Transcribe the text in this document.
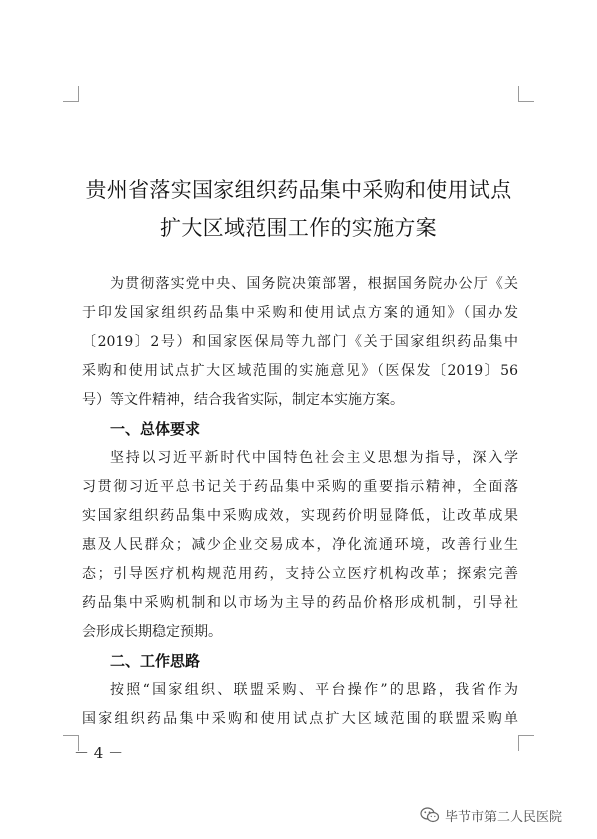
贵州省落实国家组织药品集中采购和使用试点
扩大区域范围工作的实施方案
为贯彻落实党中央、国务院决策部署，根据国务院办公厅《关
于印发国家组织药品集中采购和使用试点方案的通知》（国办发
〔2019〕2号）和国家医保局等九部门《关于国家组织药品集中
采购和使用试点扩大区域范围的实施意见》（医保发〔2019〕56
号）等文件精神，结合我省实际，制定本实施方案。
一、总体要求
坚持以习近平新时代中国特色社会主义思想为指导，深入学
习贯彻习近平总书记关于药品集中采购的重要指示精神，全面落
实国家组织药品集中采购成效，实现药价明显降低，让改革成果
惠及人民群众；减少企业交易成本，净化流通环境，改善行业生
态；引导医疗机构规范用药，支持公立医疗机构改革；探索完善
药品集中采购机制和以市场为主导的药品价格形成机制，引导社
会形成长期稳定预期。
二、工作思路
按照“国家组织、联盟采购、平台操作”的思路，我省作为
国家组织药品集中采购和使用试点扩大区域范围的联盟采购单
－ 4 －
毕节市第二人民医院
